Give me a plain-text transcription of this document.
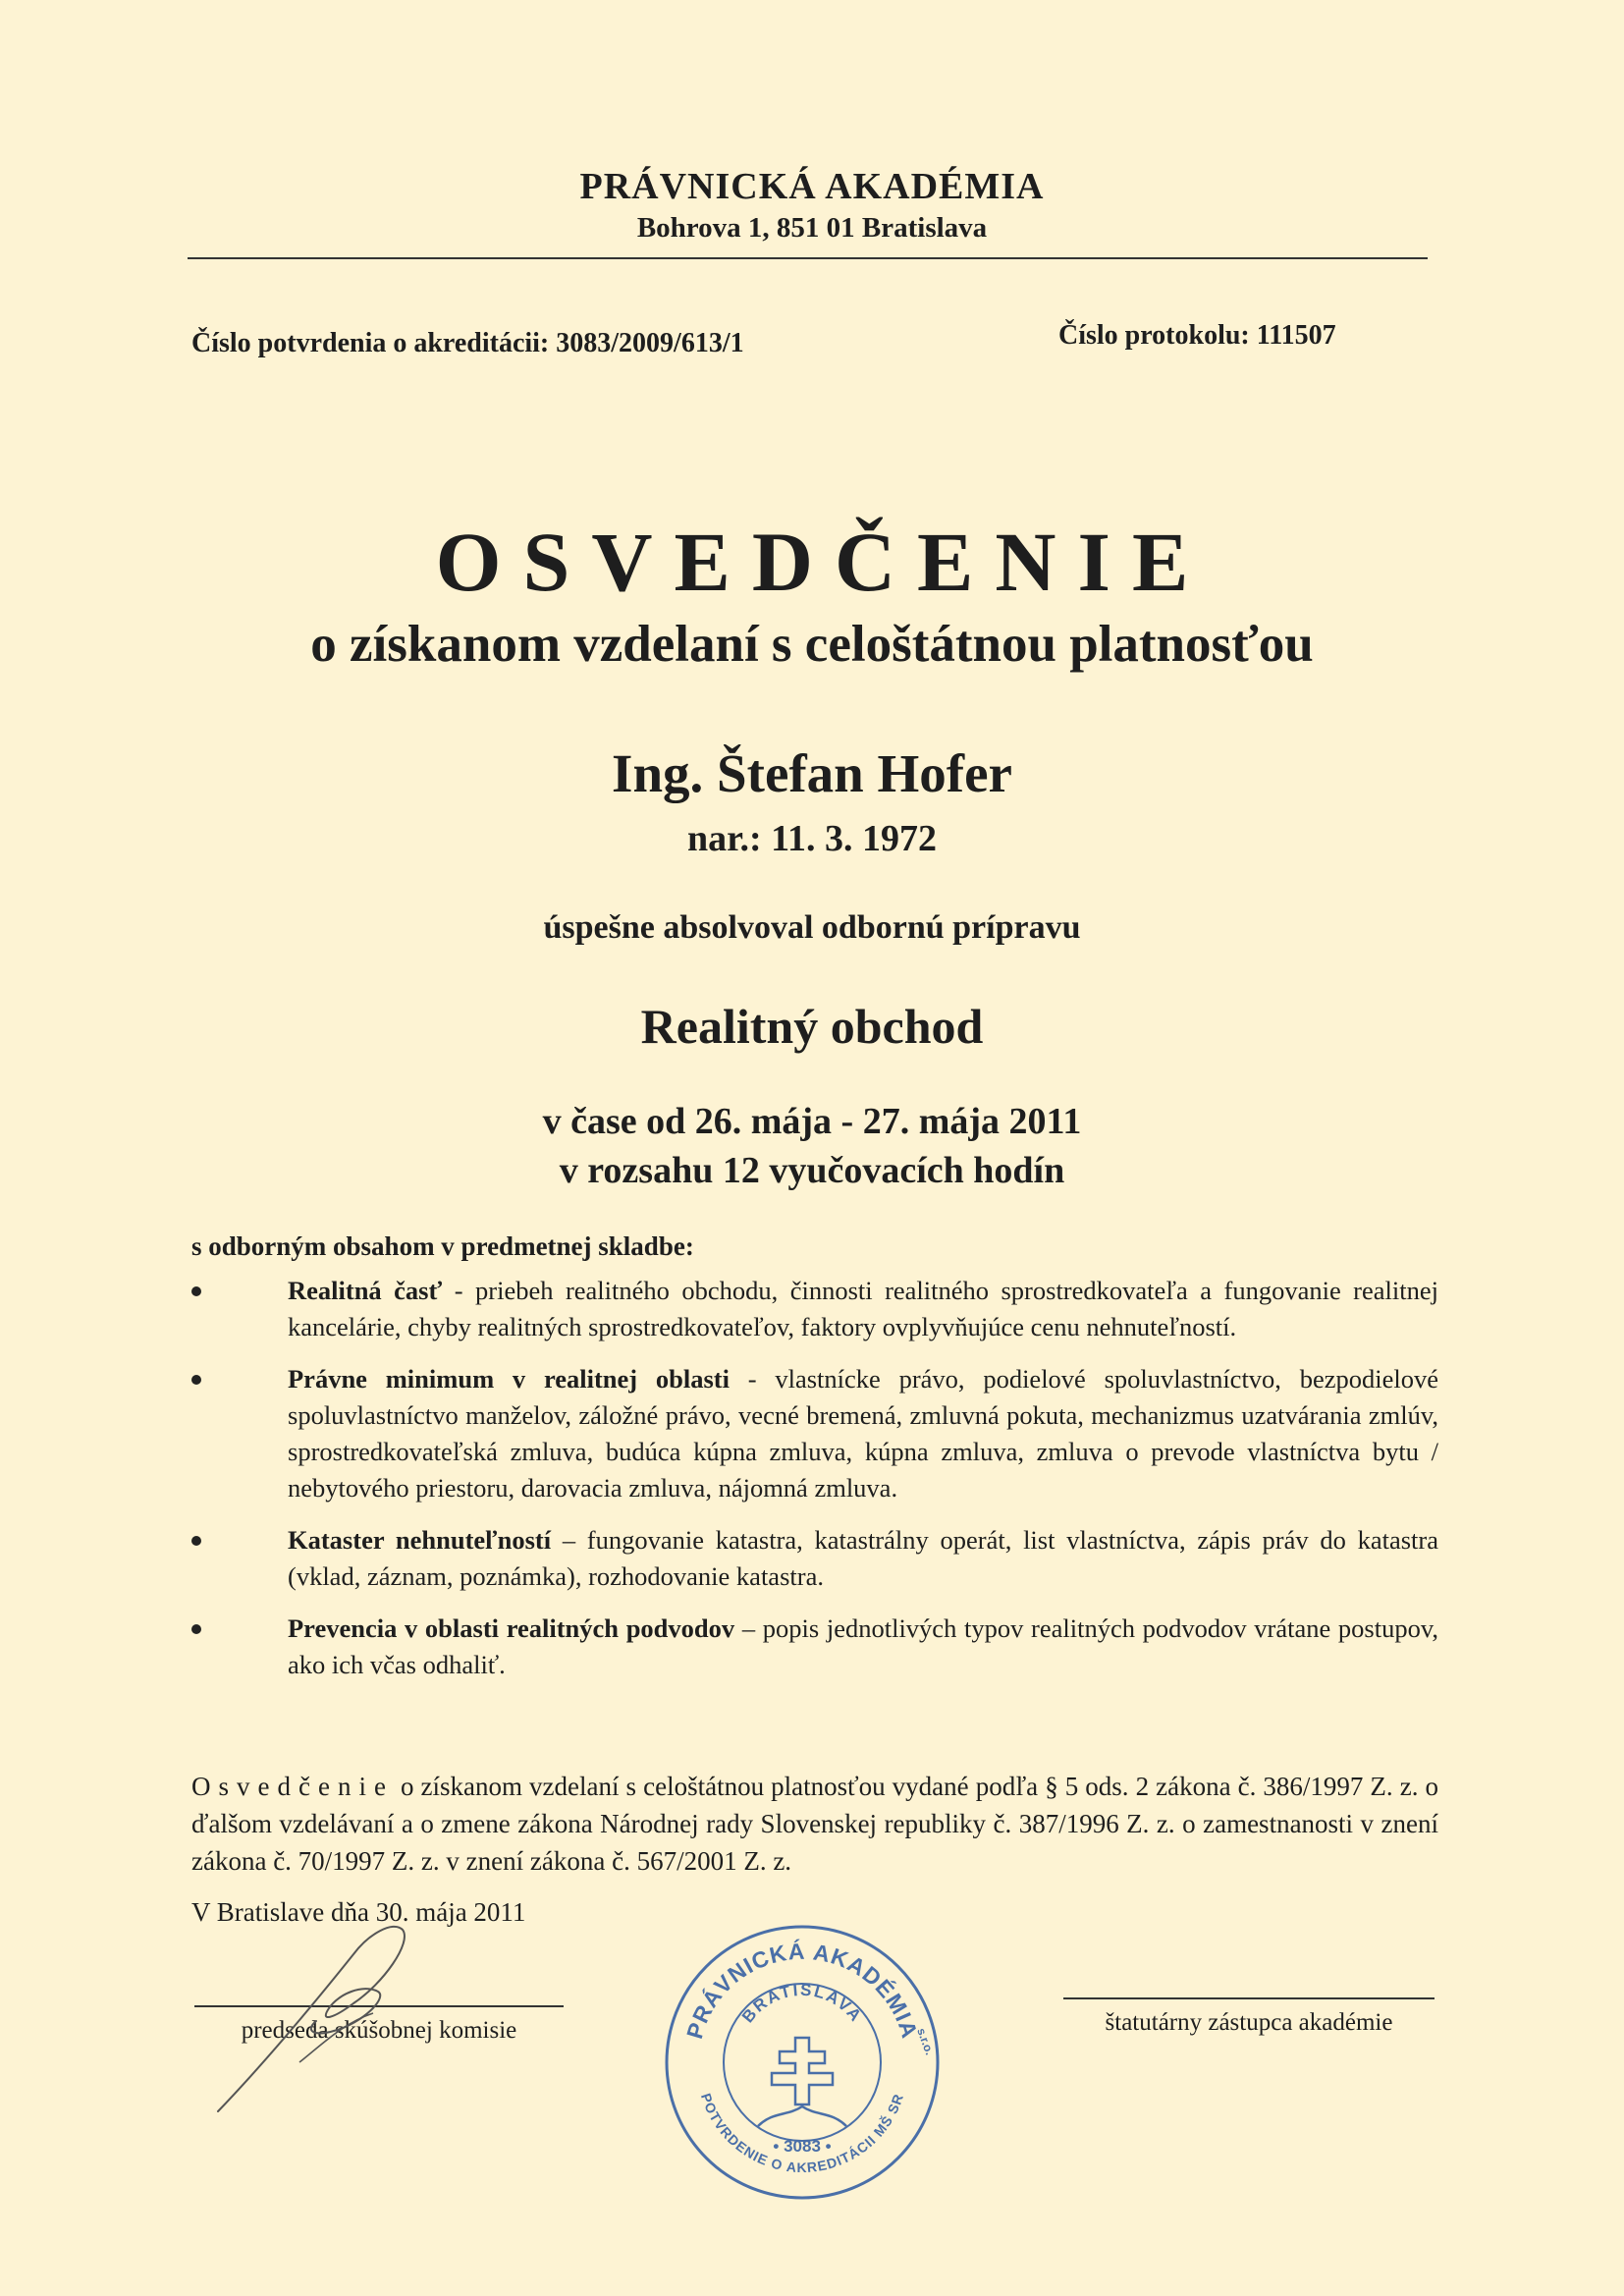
PRÁVNICKÁ AKADÉMIA
Bohrova 1, 851 01 Bratislava
Číslo potvrdenia o akreditácii: 3083/2009/613/1	Číslo protokolu: 111507
OSVEDČENIE
o získanom vzdelaní s celoštátnou platnosťou
Ing. Štefan Hofer
nar.: 11. 3. 1972
úspešne absolvoval odbornú prípravu
Realitný obchod
v čase od 26. mája - 27. mája 2011
v rozsahu 12 vyučovacích hodín
s odborným obsahom v predmetnej skladbe:
Realitná časť - priebeh realitného obchodu, činnosti realitného sprostredkovateľa a fungovanie realitnej kancelárie, chyby realitných sprostredkovateľov, faktory ovplyvňujúce cenu nehnuteľností.
Právne minimum v realitnej oblasti - vlastnícke právo, podielové spoluvlastníctvo, bezpodielové spoluvlastníctvo manželov, záložné právo, vecné bremená, zmluvná pokuta, mechanizmus uzatvárania zmlúv, sprostredkovateľská zmluva, budúca kúpna zmluva, kúpna zmluva, zmluva o prevode vlastníctva bytu / nebytového priestoru, darovacia zmluva, nájomná zmluva.
Kataster nehnuteľností – fungovanie katastra, katastrálny operát, list vlastníctva, zápis práv do katastra (vklad, záznam, poznámka), rozhodovanie katastra.
Prevencia v oblasti realitných podvodov – popis jednotlivých typov realitných podvodov vrátane postupov, ako ich včas odhaliť.
Osvedčenie o získanom vzdelaní s celoštátnou platnosťou vydané podľa § 5 ods. 2 zákona č. 386/1997 Z. z. o ďalšom vzdelávaní a o zmene zákona Národnej rady Slovenskej republiky č. 387/1996 Z. z. o zamestnanosti v znení zákona č. 70/1997 Z. z. v znení zákona č. 567/2001 Z. z.
V Bratislave dňa 30. mája 2011
predseda skúšobnej komisie	štatutárny zástupca akadémie
PRÁVNICKÁ AKADÉMIA
POTVRDENIE O AKREDITÁCII MŠ SR
BRATISLAVA
s.r.o.
• 3083 •
